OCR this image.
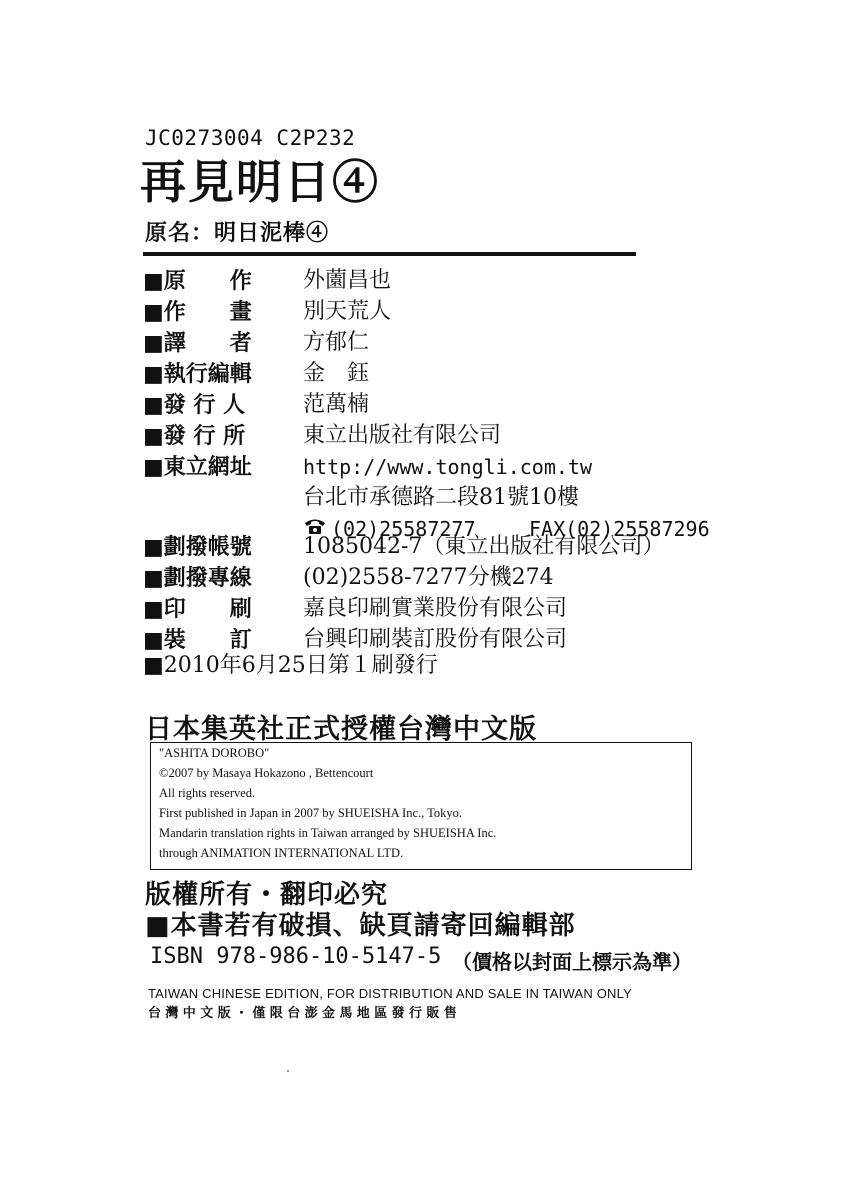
JC0273004 C2P232
再見明日④
原名：明日泥棒④
■原　　作	外薗昌也
■作　　畫	別天荒人
■譯　　者	方郁仁
■執行編輯	金　鈺
■發 行 人	范萬楠
■發 行 所	東立出版社有限公司
■東立網址	http://www.tongli.com.tw
台北市承德路二段81號10樓
(02)25587277	FAX(02)25587296
■劃撥帳號	1085042-7（東立出版社有限公司）
■劃撥專線	(02)2558-7277分機274
■印　　刷	嘉良印刷實業股份有限公司
■裝　　訂	台興印刷裝訂股份有限公司
■2010年6月25日第１刷發行
日本集英社正式授權台灣中文版
"ASHITA DOROBO"
©2007 by Masaya Hokazono , Bettencourt
All rights reserved.
First published in Japan in 2007 by SHUEISHA Inc., Tokyo.
Mandarin translation rights in Taiwan arranged by SHUEISHA Inc.
through ANIMATION INTERNATIONAL LTD.
版權所有・翻印必究
■本書若有破損、缺頁請寄回編輯部
ISBN 978-986-10-5147-5 （價格以封面上標示為準）
TAIWAN CHINESE EDITION, FOR DISTRIBUTION AND SALE IN TAIWAN ONLY
台灣中文版・僅限台澎金馬地區發行販售
